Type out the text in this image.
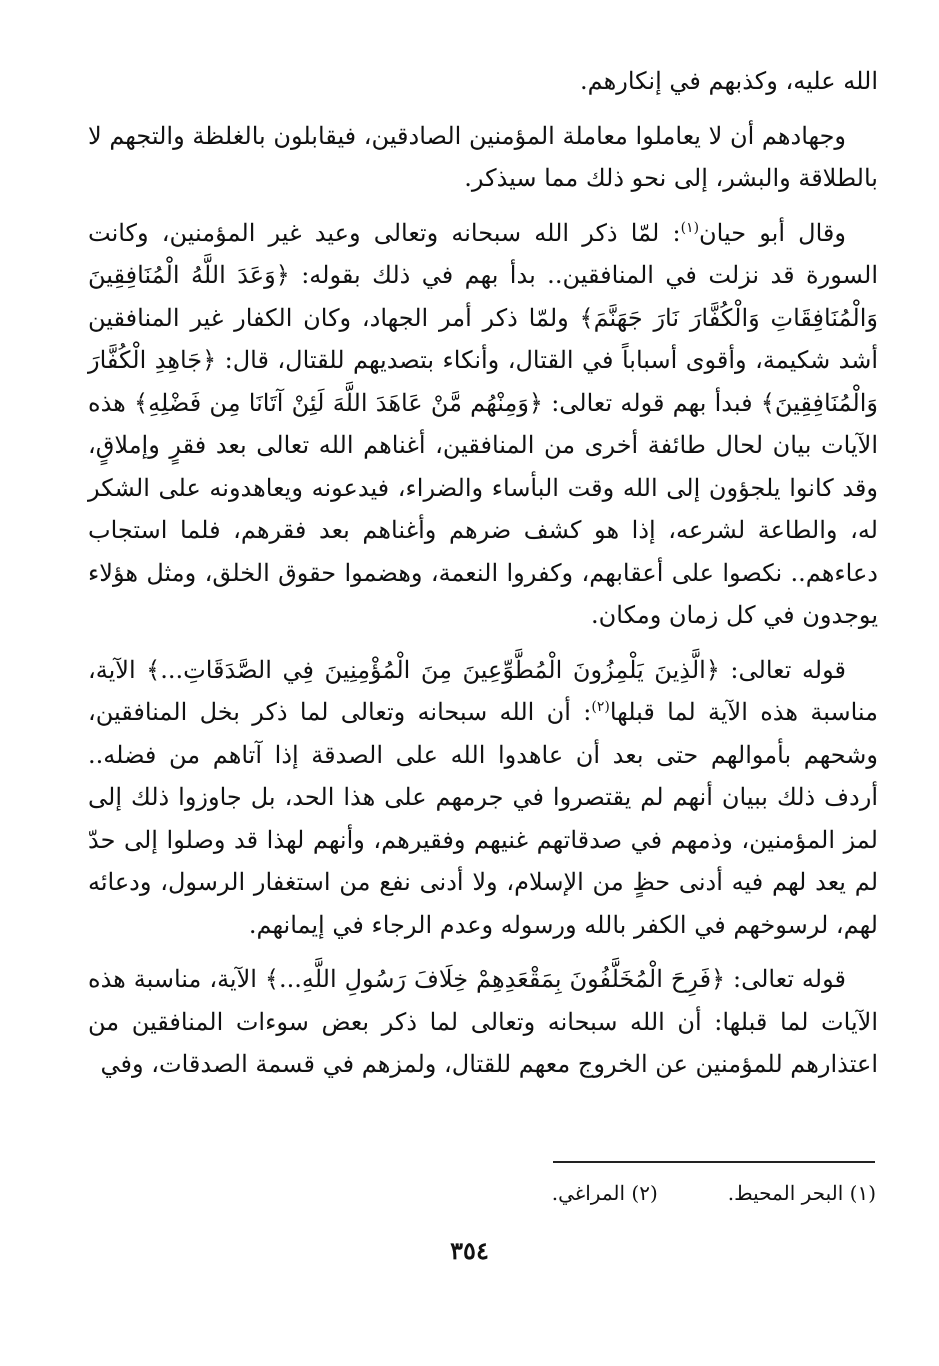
الله عليه، وكذبهم في إنكارهم.

وجهادهم أن لا يعاملوا معاملة المؤمنين الصادقين، فيقابلون بالغلظة والتجهم لا بالطلاقة والبشر، إلى نحو ذلك مما سيذكر.

وقال أبو حيان$^{(١)}$: لمّا ذكر الله سبحانه وتعالى وعيد غير المؤمنين، وكانت السورة قد نزلت في المنافقين.. بدأ بهم في ذلك بقوله: ﴿وَعَدَ اللَّهُ الْمُنَافِقِينَ وَالْمُنَافِقَاتِ وَالْكُفَّارَ نَارَ جَهَنَّمَ﴾ ولمّا ذكر أمر الجهاد، وكان الكفار غير المنافقين أشد شكيمة، وأقوى أسباباً في القتال، وأنكاء بتصديهم للقتال، قال: ﴿جَاهِدِ الْكُفَّارَ وَالْمُنَافِقِينَ﴾ فبدأ بهم قوله تعالى: ﴿وَمِنْهُم مَّنْ عَاهَدَ اللَّهَ لَئِنْ آتَانَا مِن فَضْلِهِ﴾ هذه الآيات بيان لحال طائفة أخرى من المنافقين، أغناهم الله تعالى بعد فقرٍ وإملاقٍ، وقد كانوا يلجؤون إلى الله وقت البأساء والضراء، فيدعونه ويعاهدونه على الشكر له، والطاعة لشرعه، إذا هو كشف ضرهم وأغناهم بعد فقرهم، فلما استجاب دعاءهم.. نكصوا على أعقابهم، وكفروا النعمة، وهضموا حقوق الخلق، ومثل هؤلاء يوجدون في كل زمان ومكان.

قوله تعالى: ﴿الَّذِينَ يَلْمِزُونَ الْمُطَّوِّعِينَ مِنَ الْمُؤْمِنِينَ فِي الصَّدَقَاتِ...﴾ الآية، مناسبة هذه الآية لما قبلها$^{(٢)}$: أن الله سبحانه وتعالى لما ذكر بخل المنافقين، وشحهم بأموالهم حتى بعد أن عاهدوا الله على الصدقة إذا آتاهم من فضله.. أردف ذلك ببيان أنهم لم يقتصروا في جرمهم على هذا الحد، بل جاوزوا ذلك إلى لمز المؤمنين، وذمهم في صدقاتهم غنيهم وفقيرهم، وأنهم لهذا قد وصلوا إلى حدّ لم يعد لهم فيه أدنى حظٍ من الإسلام، ولا أدنى نفع من استغفار الرسول، ودعائه لهم، لرسوخهم في الكفر بالله ورسوله وعدم الرجاء في إيمانهم.

قوله تعالى: ﴿فَرِحَ الْمُخَلَّفُونَ بِمَقْعَدِهِمْ خِلَافَ رَسُولِ اللَّهِ...﴾ الآية، مناسبة هذه الآيات لما قبلها: أن الله سبحانه وتعالى لما ذكر بعض سوءات المنافقين من اعتذارهم للمؤمنين عن الخروج معهم للقتال، ولمزهم في قسمة الصدقات، وفي

(١) البحر المحيط.
(٢) المراغي.
٣٥٤
